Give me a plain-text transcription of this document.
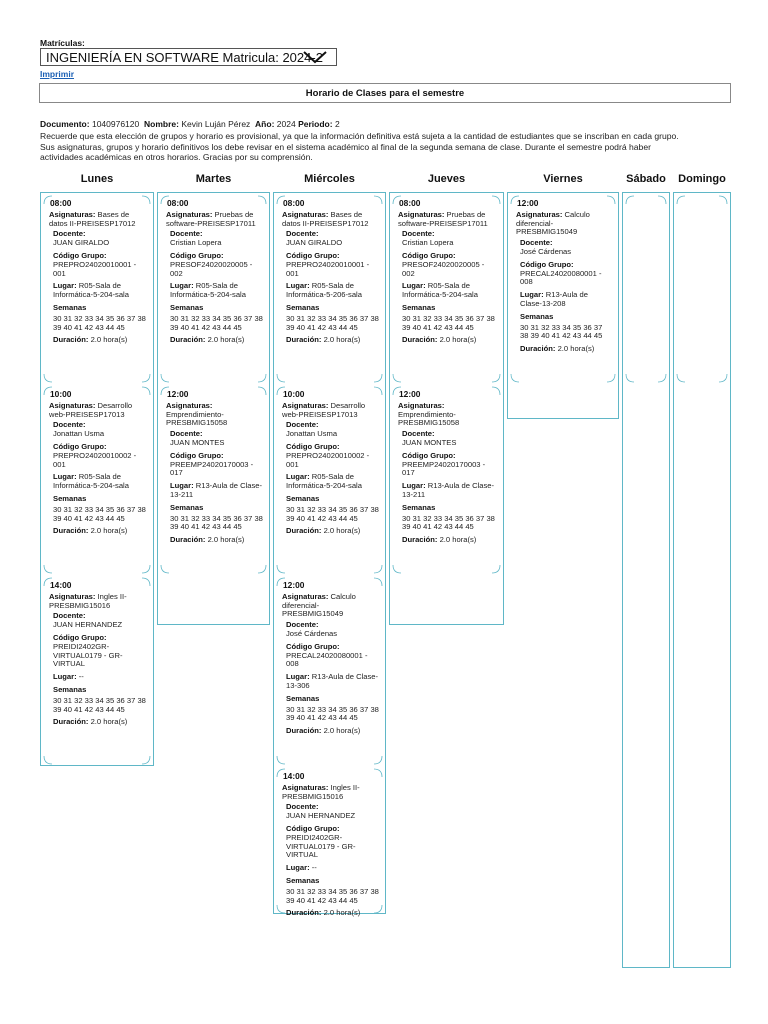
Matrículas:
INGENIERÍA EN SOFTWARE Matricula: 2024-2
Imprimir
Horario de Clases para el semestre
Documento: 1040976120 Nombre: Kevin Luján Pérez Año: 2024 Periodo: 2
Recuerde que esta elección de grupos y horario es provisional, ya que la información definitiva está sujeta a la cantidad de estudiantes que se inscriban en cada grupo. Sus asignaturas, grupos y horario definitivos los debe revisar en el sistema académico al final de la segunda semana de clase. Durante el semestre podrá haber actividades académicas en otros horarios. Gracias por su comprensión.
Lunes
08:00
Asignaturas: Bases de datos II-PREISESP17012
Docente:
JUAN GIRALDO
Código Grupo:
PREPRO24020010001 - 001
Lugar: R05-Sala de Informática-5-204-sala
Semanas
30 31 32 33 34 35 36 37 38 39 40 41 42 43 44 45
Duración: 2.0 hora(s)
10:00
Asignaturas: Desarrollo web-PREISESP17013
Docente:
Jonattan Usma
Código Grupo:
PREPRO24020010002 - 001
Lugar: R05-Sala de Informática-5-204-sala
Semanas
30 31 32 33 34 35 36 37 38 39 40 41 42 43 44 45
Duración: 2.0 hora(s)
14:00
Asignaturas: Ingles II-PRESBMIG15016
Docente:
JUAN HERNANDEZ
Código Grupo:
PREIDI2402GR-VIRTUAL0179 - GR-VIRTUAL
Lugar: --
Semanas
30 31 32 33 34 35 36 37 38 39 40 41 42 43 44 45
Duración: 2.0 hora(s)
Martes
08:00
Asignaturas: Pruebas de software-PREISESP17011
Docente:
Cristian Lopera
Código Grupo:
PRESOF24020020005 - 002
Lugar: R05-Sala de Informática-5-204-sala
Semanas
30 31 32 33 34 35 36 37 38 39 40 41 42 43 44 45
Duración: 2.0 hora(s)
12:00
Asignaturas: Emprendimiento-PRESBMIG15058
Docente:
JUAN MONTES
Código Grupo:
PREEMP24020170003 - 017
Lugar: R13-Aula de Clase-13-211
Semanas
30 31 32 33 34 35 36 37 38 39 40 41 42 43 44 45
Duración: 2.0 hora(s)
Miércoles
08:00
Asignaturas: Bases de datos II-PREISESP17012
Docente:
JUAN GIRALDO
Código Grupo:
PREPRO24020010001 - 001
Lugar: R05-Sala de Informática-5-206-sala
Semanas
30 31 32 33 34 35 36 37 38 39 40 41 42 43 44 45
Duración: 2.0 hora(s)
10:00
Asignaturas: Desarrollo web-PREISESP17013
Docente:
Jonattan Usma
Código Grupo:
PREPRO24020010002 - 001
Lugar: R05-Sala de Informática-5-204-sala
Semanas
30 31 32 33 34 35 36 37 38 39 40 41 42 43 44 45
Duración: 2.0 hora(s)
12:00
Asignaturas: Calculo diferencial-PRESBMIG15049
Docente:
José Cárdenas
Código Grupo:
PRECAL24020080001 - 008
Lugar: R13-Aula de Clase-13-306
Semanas
30 31 32 33 34 35 36 37 38 39 40 41 42 43 44 45
Duración: 2.0 hora(s)
14:00
Asignaturas: Ingles II-PRESBMIG15016
Docente:
JUAN HERNANDEZ
Código Grupo:
PREIDI2402GR-VIRTUAL0179 - GR-VIRTUAL
Lugar: --
Semanas
30 31 32 33 34 35 36 37 38 39 40 41 42 43 44 45
Duración: 2.0 hora(s)
Jueves
08:00
Asignaturas: Pruebas de software-PREISESP17011
Docente:
Cristian Lopera
Código Grupo:
PRESOF24020020005 - 002
Lugar: R05-Sala de Informática-5-204-sala
Semanas
30 31 32 33 34 35 36 37 38 39 40 41 42 43 44 45
Duración: 2.0 hora(s)
12:00
Asignaturas: Emprendimiento-PRESBMIG15058
Docente:
JUAN MONTES
Código Grupo:
PREEMP24020170003 - 017
Lugar: R13-Aula de Clase-13-211
Semanas
30 31 32 33 34 35 36 37 38 39 40 41 42 43 44 45
Duración: 2.0 hora(s)
Viernes
12:00
Asignaturas: Calculo diferencial-PRESBMIG15049
Docente:
José Cárdenas
Código Grupo:
PRECAL24020080001 - 008
Lugar: R13-Aula de Clase-13-208
Semanas
30 31 32 33 34 35 36 37 38 39 40 41 42 43 44 45
Duración: 2.0 hora(s)
Sábado	Domingo
